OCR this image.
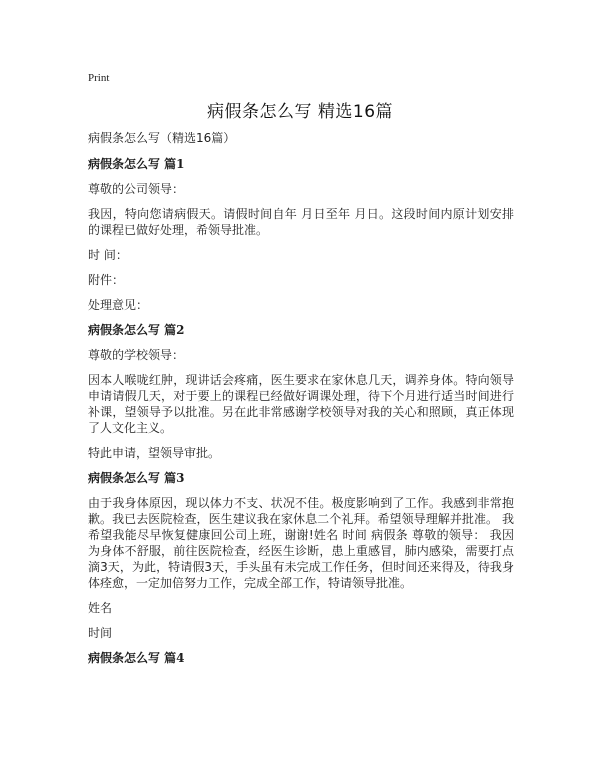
Print
病假条怎么写 精选16篇

病假条怎么写（精选16篇）

病假条怎么写 篇1

尊敬的公司领导：

我因，特向您请病假天。请假时间自年 月日至年 月日。这段时间内原计划安排的课程已做好处理，希领导批准。

时 间：

附件：

处理意见：

病假条怎么写 篇2

尊敬的学校领导：

因本人喉咙红肿，现讲话会疼痛，医生要求在家休息几天，调养身体。特向领导申请请假几天，对于要上的课程已经做好调课处理，待下个月进行适当时间进行补课，望领导予以批准。另在此非常感谢学校领导对我的关心和照顾，真正体现了人文化主义。

特此申请，望领导审批。

病假条怎么写 篇3

由于我身体原因，现以体力不支、状况不佳。极度影响到了工作。我感到非常抱歉。我已去医院检查，医生建议我在家休息二个礼拜。希望领导理解并批准。 我希望我能尽早恢复健康回公司上班，谢谢!姓名 时间 病假条 尊敬的领导： 我因为身体不舒服，前往医院检查，经医生诊断，患上重感冒，肺内感染，需要打点滴3天，为此，特请假3天，手头虽有未完成工作任务，但时间还来得及，待我身体痊愈，一定加倍努力工作，完成全部工作，特请领导批准。

姓名

时间

病假条怎么写 篇4
